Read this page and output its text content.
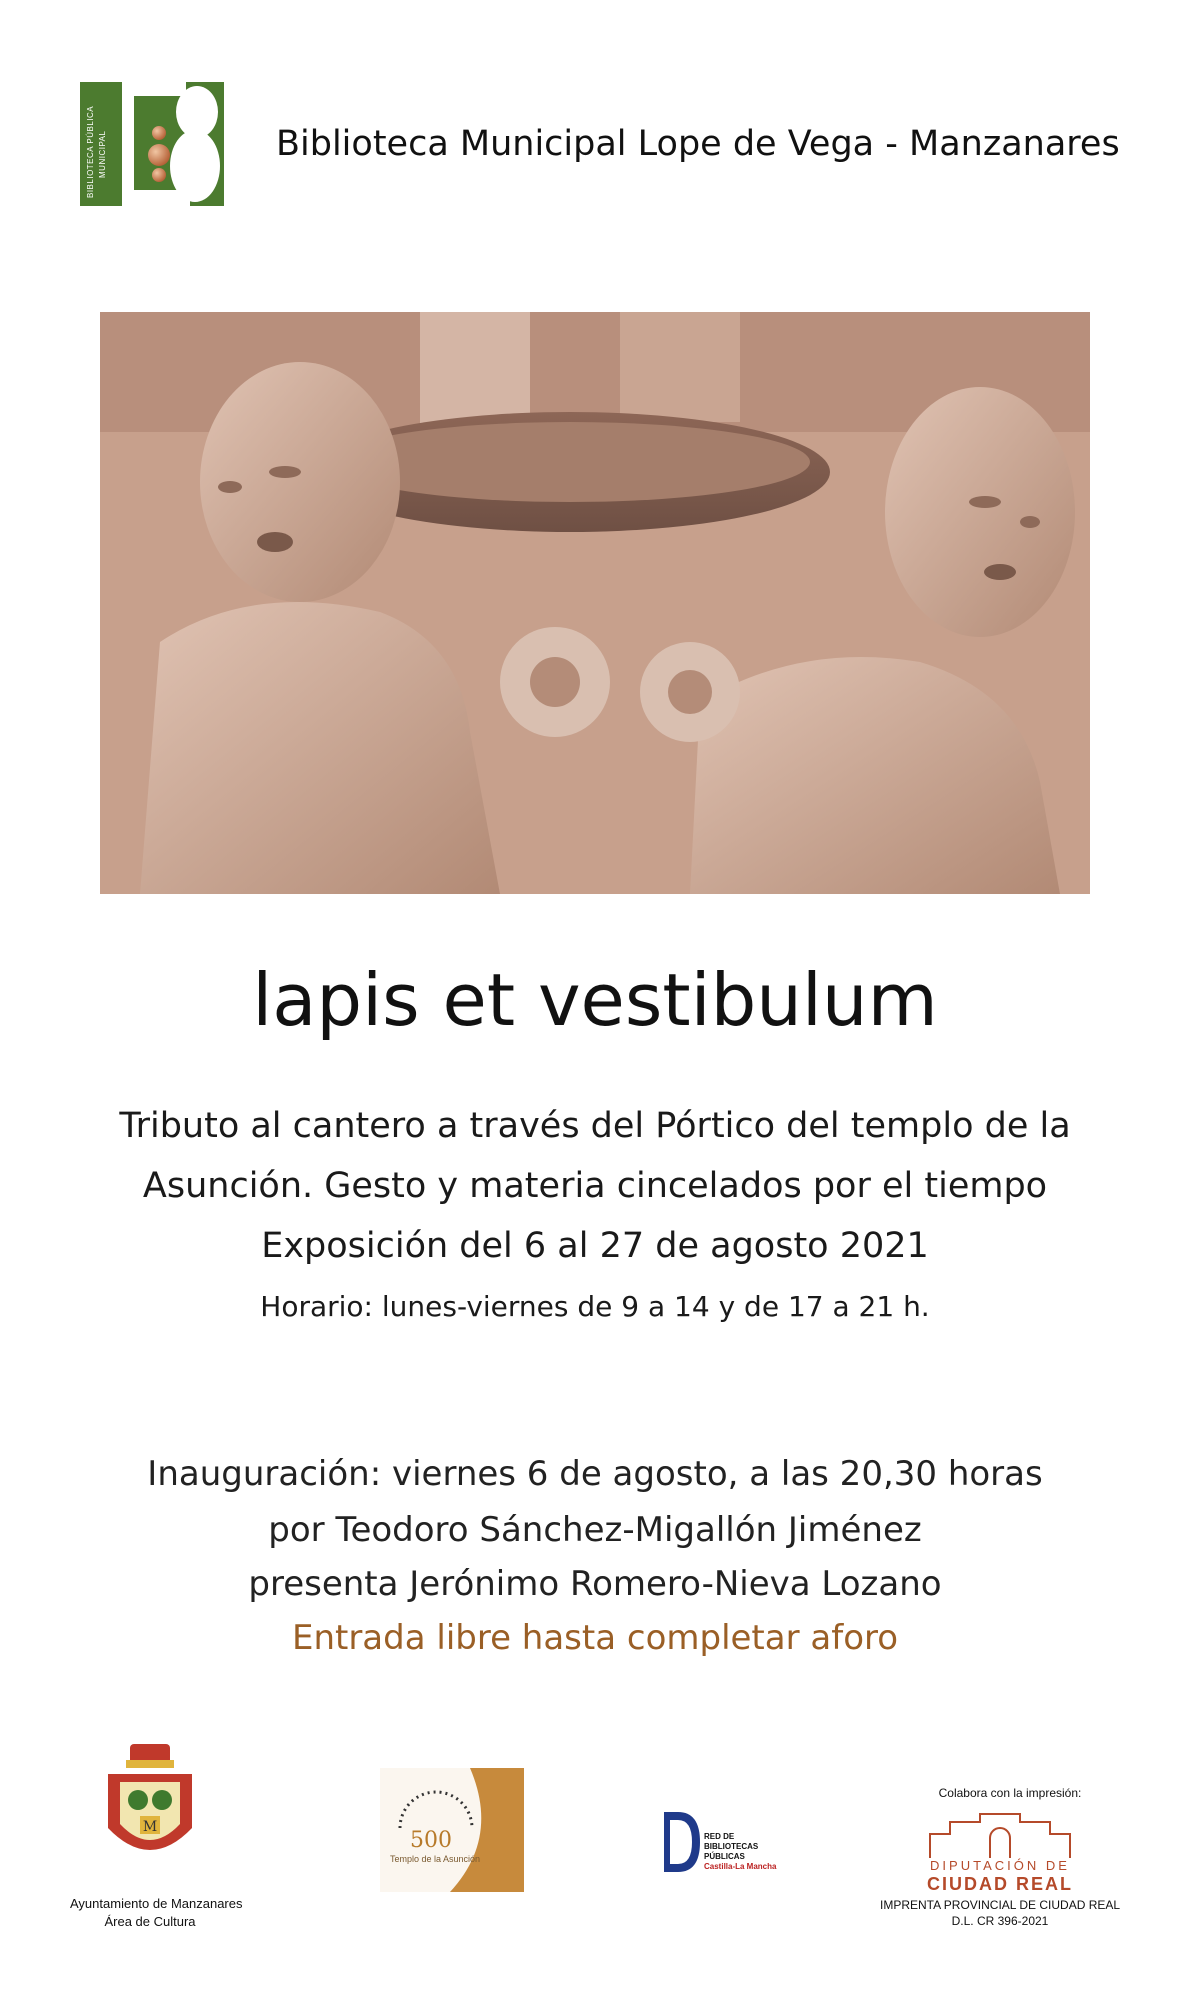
BIBLIOTECA PÚBLICA MUNICIPAL	Biblioteca Municipal Lope de Vega - Manzanares
lapis et vestibulum
Tributo al cantero a través del Pórtico del templo de la
Asunción. Gesto y materia cincelados por el tiempo
Exposición del 6 al 27 de agosto 2021
Horario: lunes-viernes de 9 a 14 y de 17 a 21 h.
Inauguración: viernes 6 de agosto, a las 20,30 horas
por Teodoro Sánchez-Migallón Jiménez
presenta Jerónimo Romero-Nieva Lozano
Entrada libre hasta completar aforo
M
Ayuntamiento de Manzanares
Área de Cultura
500
Templo de la Asunción
RED DE
BIBLIOTECAS
PÚBLICAS
Castilla-La Mancha
Colabora con la impresión:
DIPUTACIÓN DE
CIUDAD REAL
IMPRENTA PROVINCIAL DE CIUDAD REAL
D.L. CR 396-2021
